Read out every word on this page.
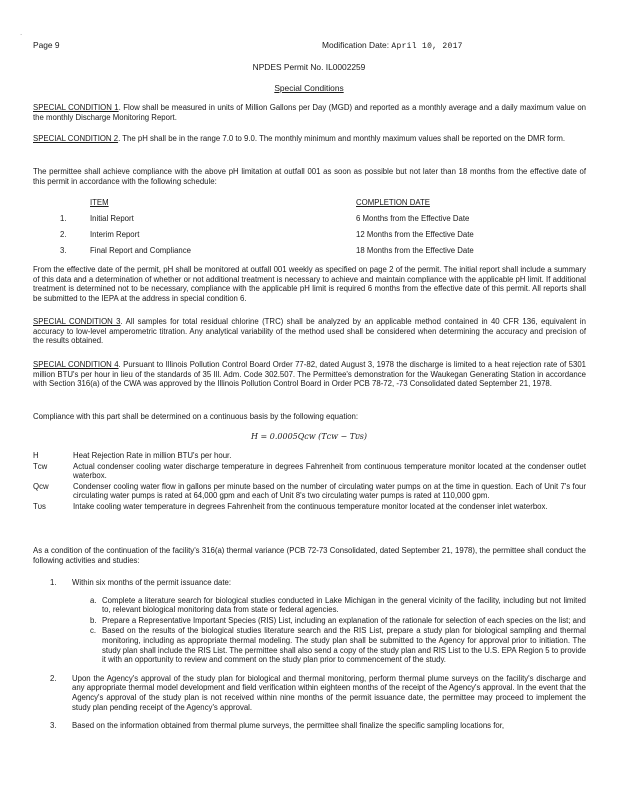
.
Page 9	Modification Date: April 10, 2017
NPDES Permit No. IL0002259
Special Conditions
SPECIAL CONDITION 1. Flow shall be measured in units of Million Gallons per Day (MGD) and reported as a monthly average and a daily maximum value on the monthly Discharge Monitoring Report.
SPECIAL CONDITION 2. The pH shall be in the range 7.0 to 9.0. The monthly minimum and monthly maximum values shall be reported on the DMR form.
The permittee shall achieve compliance with the above pH limitation at outfall 001 as soon as possible but not later than 18 months from the effective date of this permit in accordance with the following schedule:
ITEM	COMPLETION DATE
1.	Initial Report	6 Months from the Effective Date
2.	Interim Report	12 Months from the Effective Date
3.	Final Report and Compliance	18 Months from the Effective Date
From the effective date of the permit, pH shall be monitored at outfall 001 weekly as specified on page 2 of the permit. The initial report shall include a summary of this data and a determination of whether or not additional treatment is necessary to achieve and maintain compliance with the applicable pH limit. If additional treatment is determined not to be necessary, compliance with the applicable pH limit is required 6 months from the effective date of this permit. All reports shall be submitted to the IEPA at the address in special condition 6.
SPECIAL CONDITION 3. All samples for total residual chlorine (TRC) shall be analyzed by an applicable method contained in 40 CFR 136, equivalent in accuracy to low-level amperometric titration. Any analytical variability of the method used shall be considered when determining the accuracy and precision of the results obtained.
SPECIAL CONDITION 4. Pursuant to Illinois Pollution Control Board Order 77-82, dated August 3, 1978 the discharge is limited to a heat rejection rate of 5301 million BTU's per hour in lieu of the standards of 35 Ill. Adm. Code 302.507. The Permittee's demonstration for the Waukegan Generating Station in accordance with Section 316(a) of the CWA was approved by the Illinois Pollution Control Board in Order PCB 78-72, -73 Consolidated dated September 21, 1978.
Compliance with this part shall be determined on a continuous basis by the following equation:
H = 0.0005Qᴄᴡ (Tᴄᴡ − Tᴜs)
H	Heat Rejection Rate in million BTU's per hour.
Tᴄᴡ	Actual condenser cooling water discharge temperature in degrees Fahrenheit from continuous temperature monitor located at the condenser outlet waterbox.
Qᴄᴡ	Condenser cooling water flow in gallons per minute based on the number of circulating water pumps on at the time in question. Each of Unit 7's four circulating water pumps is rated at 64,000 gpm and each of Unit 8's two circulating water pumps is rated at 110,000 gpm.
Tᴜs	Intake cooling water temperature in degrees Fahrenheit from the continuous temperature monitor located at the condenser inlet waterbox.
As a condition of the continuation of the facility's 316(a) thermal variance (PCB 72-73 Consolidated, dated September 21, 1978), the permittee shall conduct the following activities and studies:
1. Within six months of the permit issuance date:
a. Complete a literature search for biological studies conducted in Lake Michigan in the general vicinity of the facility, including but not limited to, relevant biological monitoring data from state or federal agencies.
b. Prepare a Representative Important Species (RIS) List, including an explanation of the rationale for selection of each species on the list; and
c. Based on the results of the biological studies literature search and the RIS List, prepare a study plan for biological sampling and thermal monitoring, including as appropriate thermal modeling. The study plan shall be submitted to the Agency for approval prior to initiation. The study plan shall include the RIS List. The permittee shall also send a copy of the study plan and RIS List to the U.S. EPA Region 5 to provide it with an opportunity to review and comment on the study plan prior to commencement of the study.
2. Upon the Agency's approval of the study plan for biological and thermal monitoring, perform thermal plume surveys on the facility's discharge and any appropriate thermal model development and field verification within eighteen months of the receipt of the Agency's approval. In the event that the Agency's approval of the study plan is not received within nine months of the permit issuance date, the permittee may proceed to implement the study plan pending receipt of the Agency's approval.
3. Based on the information obtained from thermal plume surveys, the permittee shall finalize the specific sampling locations for,
